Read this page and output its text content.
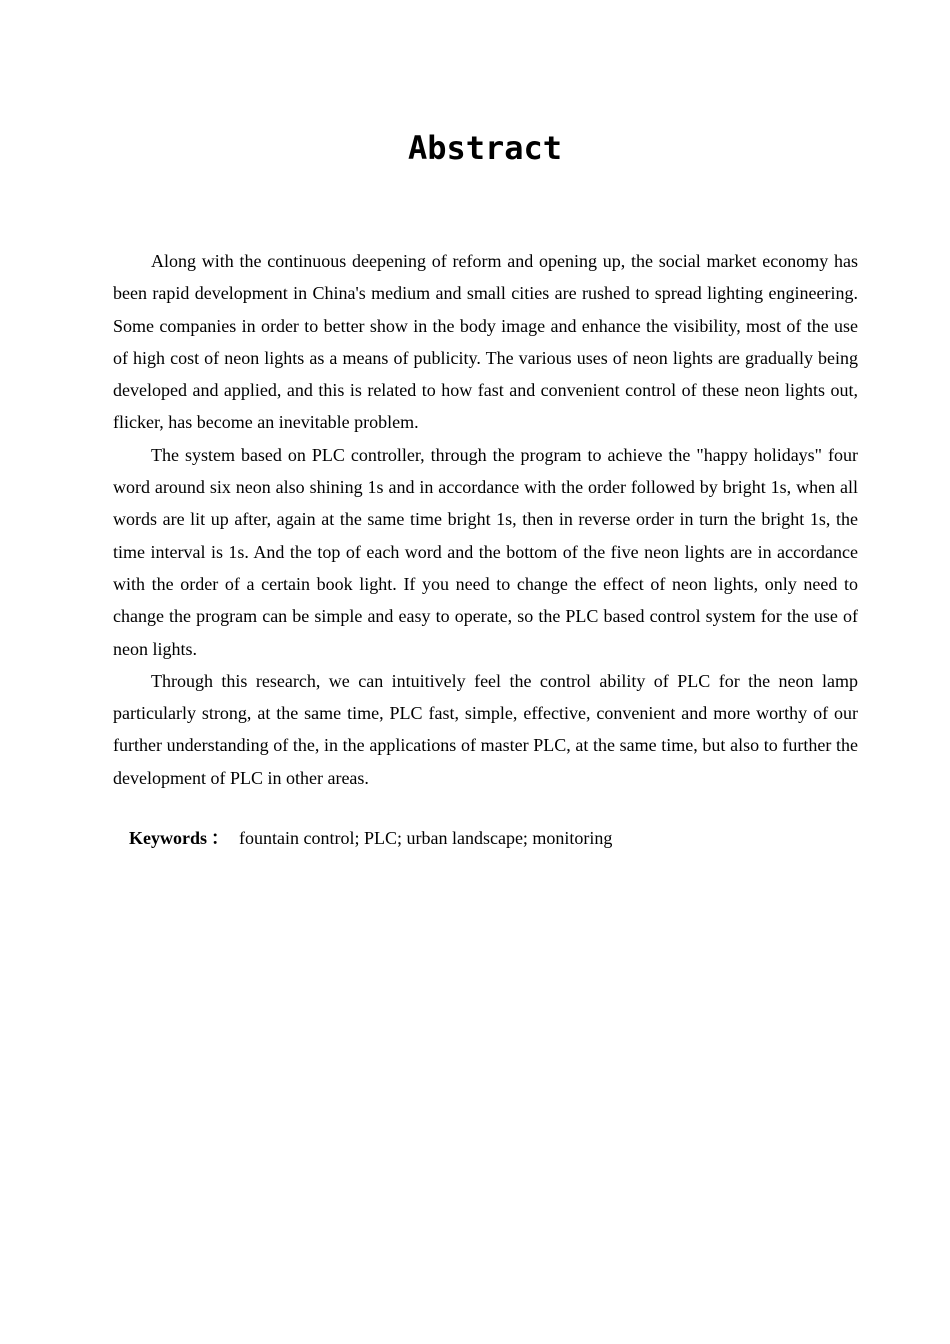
Abstract

Along with the continuous deepening of reform and opening up, the social market economy has been rapid development in China's medium and small cities are rushed to spread lighting engineering. Some companies in order to better show in the body image and enhance the visibility, most of the use of high cost of neon lights as a means of publicity. The various uses of neon lights are gradually being developed and applied, and this is related to how fast and convenient control of these neon lights out, flicker, has become an inevitable problem.

The system based on PLC controller, through the program to achieve the "happy holidays" four word around six neon also shining 1s and in accordance with the order followed by bright 1s, when all words are lit up after, again at the same time bright 1s, then in reverse order in turn the bright 1s, the time interval is 1s. And the top of each word and the bottom of the five neon lights are in accordance with the order of a certain book light. If you need to change the effect of neon lights, only need to change the program can be simple and easy to operate, so the PLC based control system for the use of neon lights.

Through this research, we can intuitively feel the control ability of PLC for the neon lamp particularly strong, at the same time, PLC fast, simple, effective, convenient and more worthy of our further understanding of the, in the applications of master PLC, at the same time, but also to further the development of PLC in other areas.

Keywords ： fountain control; PLC; urban landscape; monitoring
